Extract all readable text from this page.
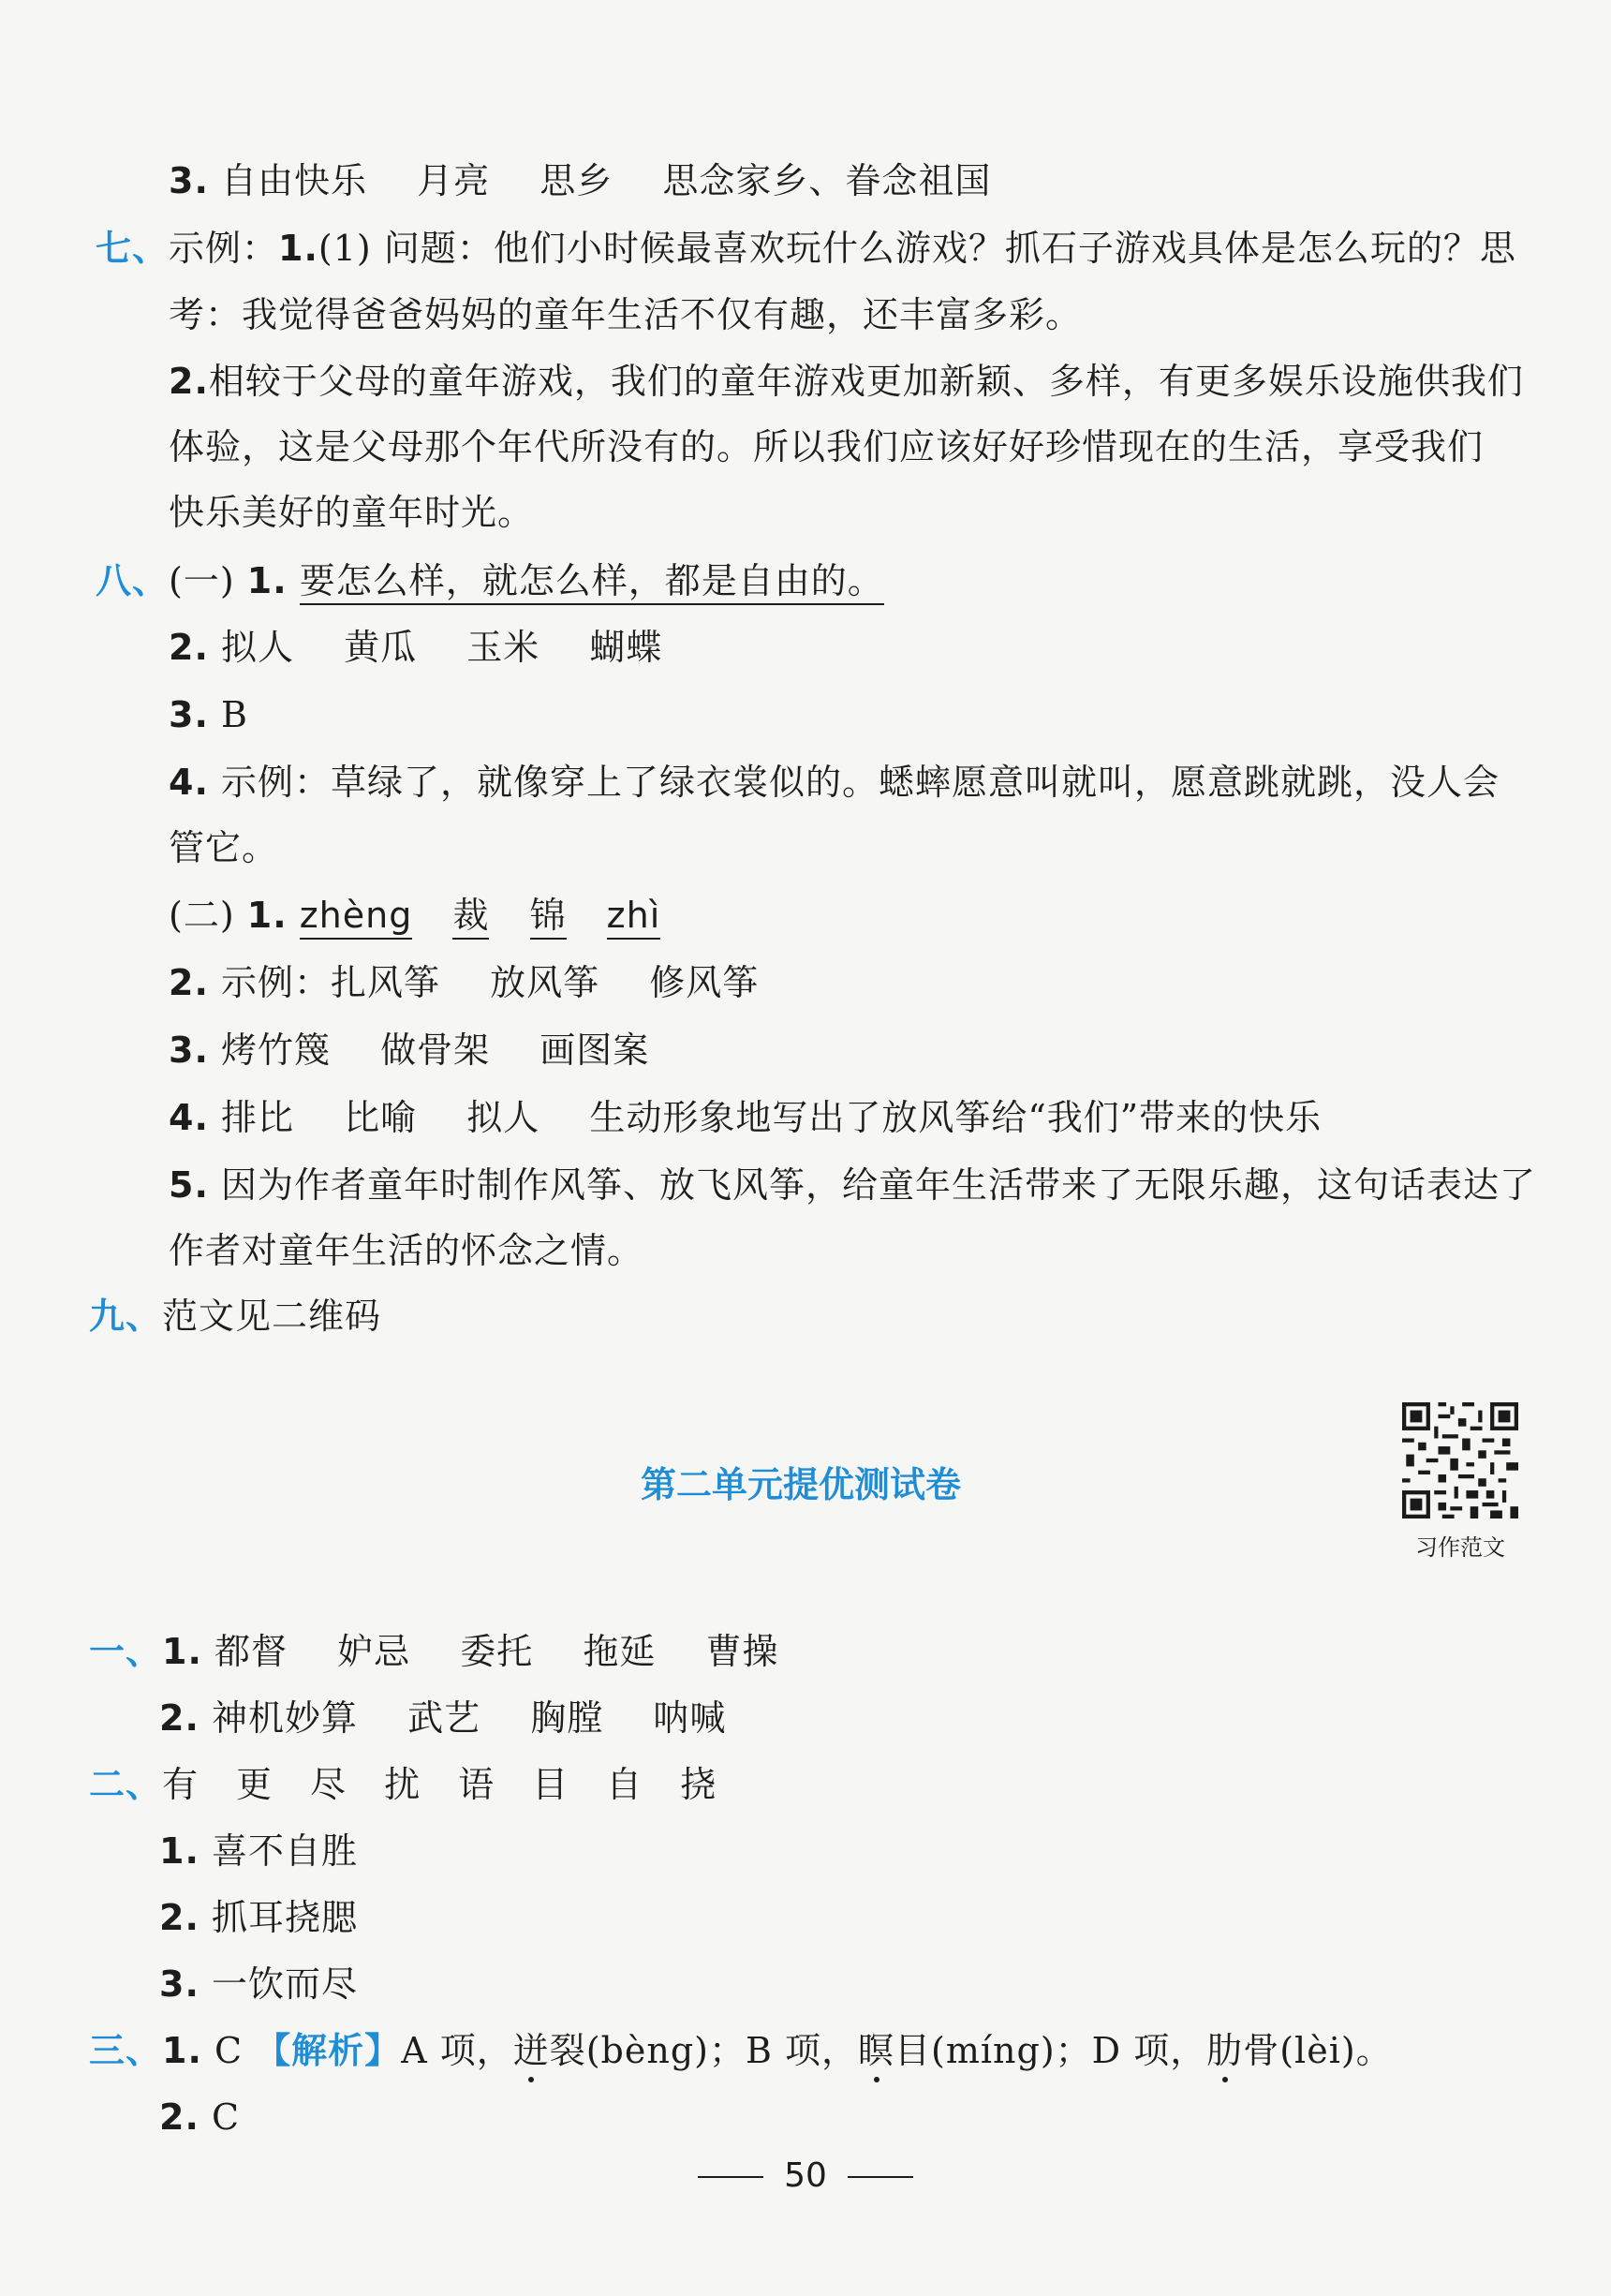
3. 自由快乐 月亮 思乡 思念家乡、眷念祖国
七、示例：1.(1) 问题：他们小时候最喜欢玩什么游戏？抓石子游戏具体是怎么玩的？思
考：我觉得爸爸妈妈的童年生活不仅有趣，还丰富多彩。
2.相较于父母的童年游戏，我们的童年游戏更加新颖、多样，有更多娱乐设施供我们
体验，这是父母那个年代所没有的。所以我们应该好好珍惜现在的生活，享受我们
快乐美好的童年时光。
八、(一) 1. 要怎么样，就怎么样，都是自由的。
2. 拟人 黄瓜 玉米 蝴蝶
3. B
4. 示例：草绿了，就像穿上了绿衣裳似的。蟋蟀愿意叫就叫，愿意跳就跳，没人会
管它。
(二) 1. zhèng 裁 锦 zhì
2. 示例：扎风筝 放风筝 修风筝
3. 烤竹篾 做骨架 画图案
4. 排比 比喻 拟人 生动形象地写出了放风筝给“我们”带来的快乐
5. 因为作者童年时制作风筝、放飞风筝，给童年生活带来了无限乐趣，这句话表达了
作者对童年生活的怀念之情。
九、范文见二维码
第二单元提优测试卷
习作范文
一、1. 都督 妒忌 委托 拖延 曹操
2. 神机妙算 武艺 胸膛 呐喊
二、有 更 尽 扰 语 目 自 挠
1. 喜不自胜
2. 抓耳挠腮
3. 一饮而尽
三、1. C 【解析】A 项，迸裂(bèng)；B 项，瞑目(míng)；D 项，肋骨(lèi)。
2. C
50
